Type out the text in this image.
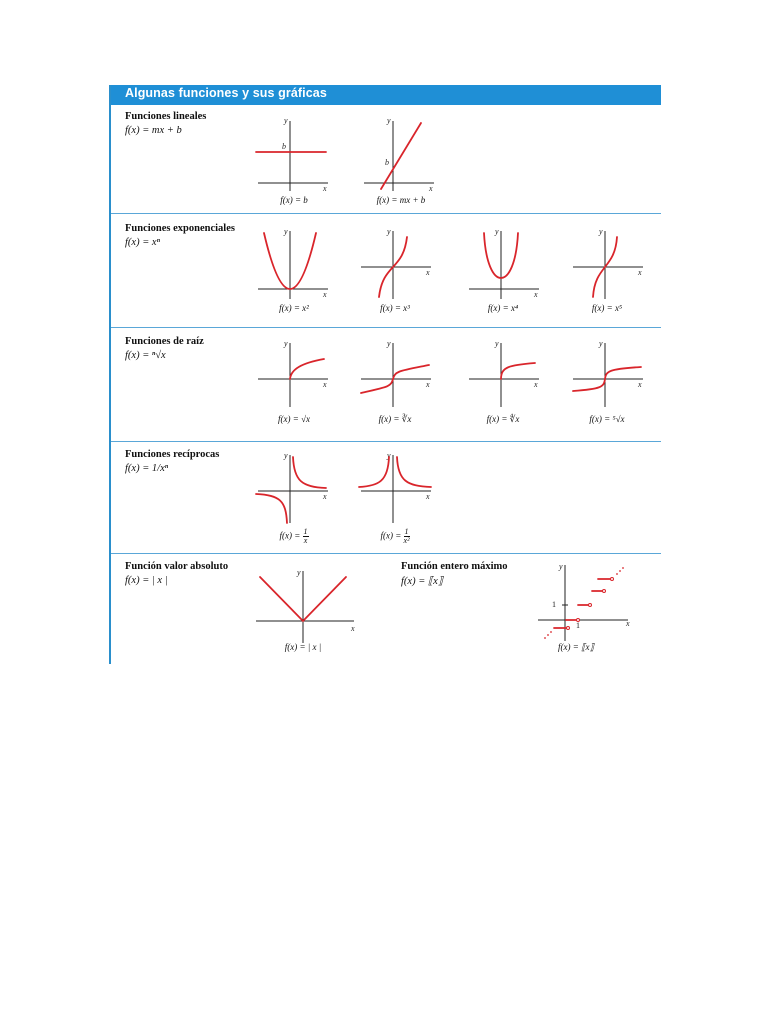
Algunas funciones y sus gráficas
Funciones lineales
f(x) = mx + b
x
y
b
f(x) = b
x
y
b
f(x) = mx + b
Funciones exponenciales
f(x) = xⁿ
x
y
f(x) = x²
x
y
f(x) = x³
x
y
f(x) = x⁴
x
y
f(x) = x⁵
Funciones de raíz
f(x) = ⁿ√x
x
y
f(x) = √x
x
y
f(x) = ∛x
x
y
f(x) = ∜x
x
y
f(x) = ⁵√x
Funciones recíprocas
f(x) = 1/xⁿ
x
y
$f(x) = \frac{1}{x}$
x
y
$f(x) = \frac{1}{\text{x²}}$
Función valor absoluto
f(x) = | x |
x
y
f(x) = | x |
Función entero máximo
f(x) = ⟦x⟧
x
y
1
1
f(x) = ⟦x⟧
